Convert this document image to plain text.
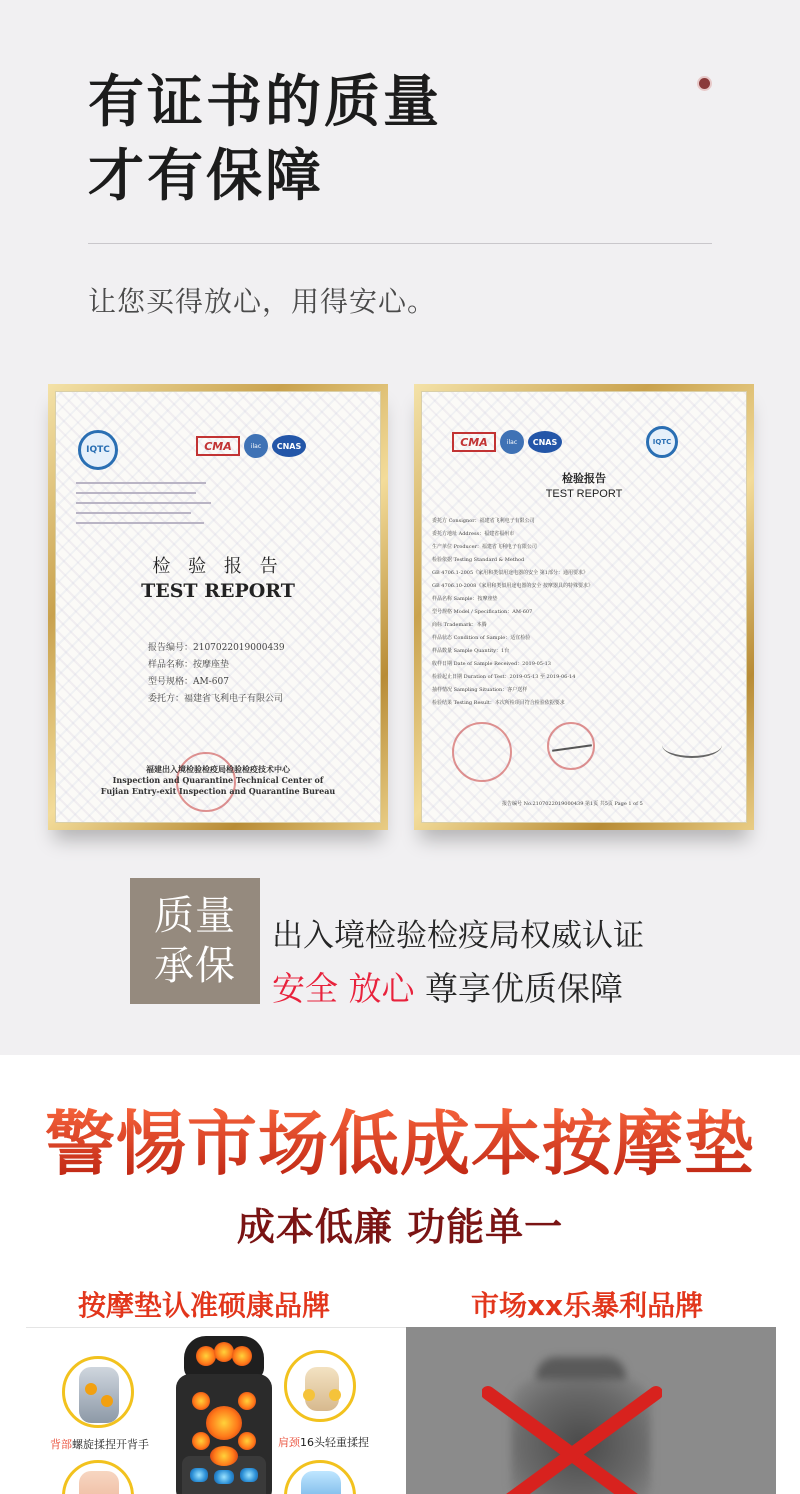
有证书的质量
才有保障
让您买得放心，用得安心。
IQTC	CMA	ilac	CNAS
检 验 报 告
TEST REPORT
报告编号：2107022019000439
样品名称：按摩座垫
型号规格：AM-607
委托方：福建省飞利电子有限公司
福建出入境检验检疫局检验检疫技术中心
Inspection and Quarantine Technical Center of
Fujian Entry-exit Inspection and Quarantine Bureau
CMA	ilac	CNAS	IQTC
检验报告
TEST REPORT
委托方 Consignor：福建省飞利电子有限公司
委托方地址 Address：福建省福州市
生产单位 Producer：福建省飞利电子有限公司
检验依据 Testing Standard & Method
GB 4706.1-2005《家用和类似用途电器的安全 第1部分：通用要求》
GB 4706.10-2008《家用和类似用途电器的安全 按摩器具的特殊要求》
样品名称 Sample：按摩座垫
型号规格 Model / Specification：AM-607
商标 Trademark：本腾
样品状态 Condition of Sample：适宜检验
样品数量 Sample Quantity：1台
收样日期 Date of Sample Received：2019-05-13
检验起止日期 Duration of Test：2019-05-13 至 2019-06-14
抽样情况 Sampling Situation：客户送样
检验结果 Testing Result：本次所检项目符合检验依据要求
报告编号 No.2107022019000439 第1页 共5页 Page 1 of 5
质量
承保
出入境检验检疫局权威认证
安全 放心 尊享优质保障
警惕市场低成本按摩垫
成本低廉 功能单一
按摩垫认准硕康品牌	市场xx乐暴利品牌
背部螺旋揉捏开背手	肩颈16头轻重揉捏
